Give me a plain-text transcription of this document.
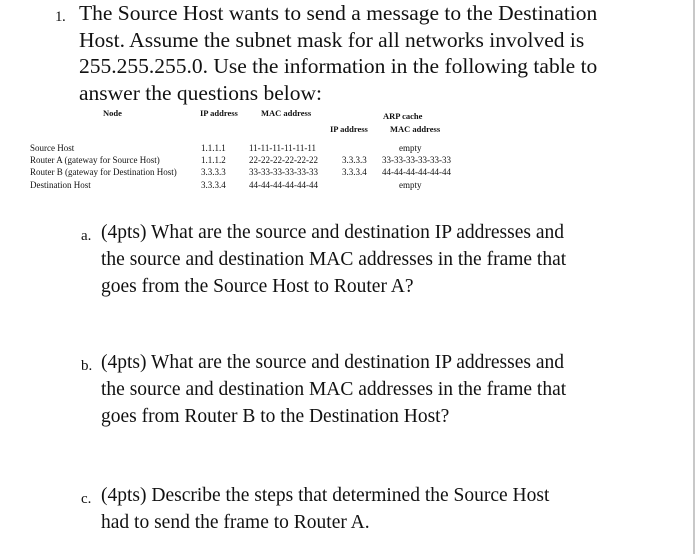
1. The Source Host wants to send a message to the Destination
Host. Assume the subnet mask for all networks involved is
255.255.255.0. Use the information in the following table to
answer the questions below:
Node	IP address	MAC address	ARP cache
IP address	MAC address
Source Host	1.1.1.1	11-11-11-11-11-11	empty
Router A (gateway for Source Host)	1.1.1.2	22-22-22-22-22-22	3.3.3.3 33-33-33-33-33-33
Router B (gateway for Destination Host)	3.3.3.3	33-33-33-33-33-33	3.3.3.4 44-44-44-44-44-44
Destination Host	3.3.3.4	44-44-44-44-44-44	empty
a. (4pts) What are the source and destination IP addresses and
the source and destination MAC addresses in the frame that
goes from the Source Host to Router A?
b. (4pts) What are the source and destination IP addresses and
the source and destination MAC addresses in the frame that
goes from Router B to the Destination Host?
c. (4pts) Describe the steps that determined the Source Host
had to send the frame to Router A.
